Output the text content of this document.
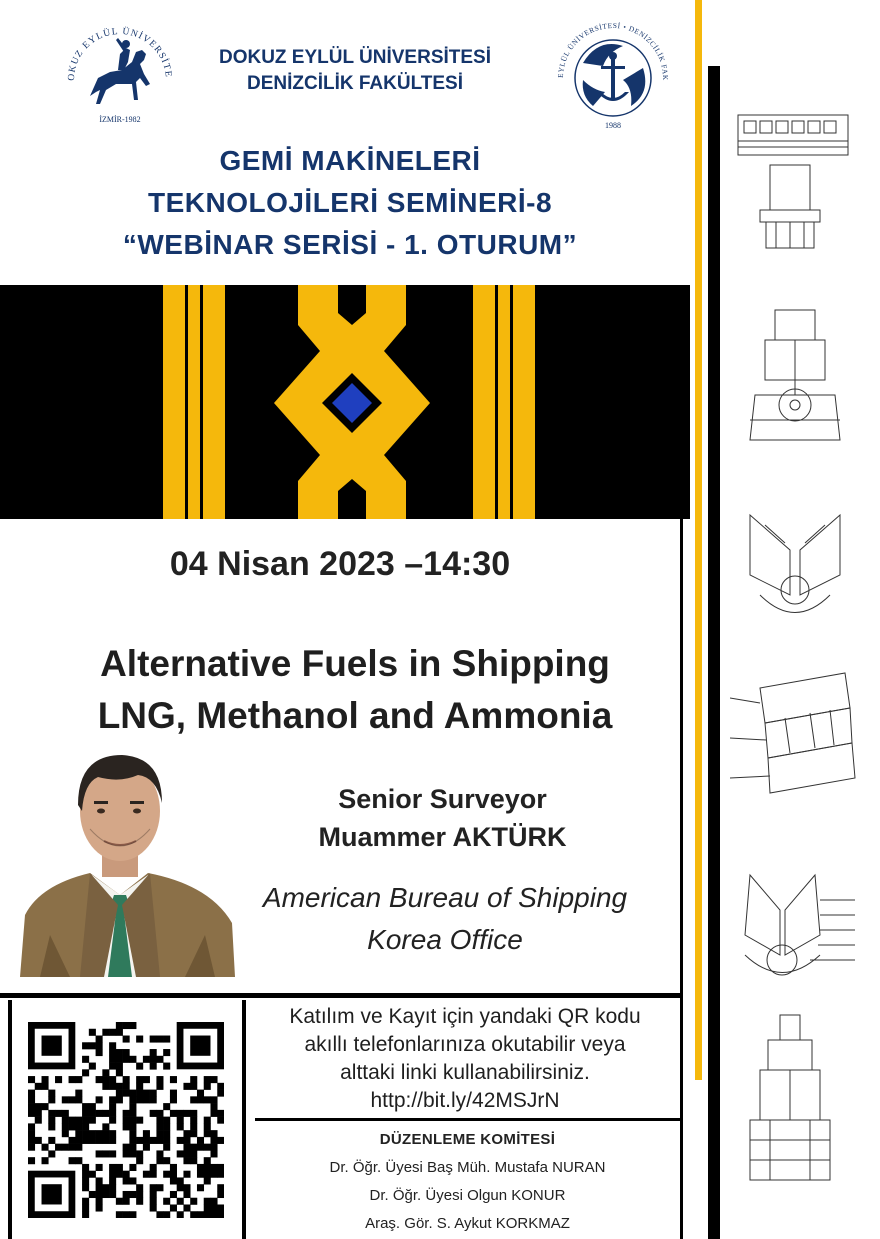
OKUZ EYLÜL ÜNİVERSİTE
İZMİR-1982
DOKUZ EYLÜL ÜNİVERSİTESİ
DENİZCİLİK FAKÜLTESİ	EYLÜL ÜNİVERSİTESİ • DENİZCİLİK FAK
1988
GEMİ MAKİNELERİ
TEKNOLOJİLERİ SEMİNERİ-8
“WEBİNAR SERİSİ - 1. OTURUM”
04 Nisan 2023 –14:30
Alternative Fuels in Shipping
LNG, Methanol and Ammonia
Senior Surveyor
Muammer AKTÜRK
American Bureau of Shipping
Korea Office
Katılım ve Kayıt için yandaki QR kodu
akıllı telefonlarınıza okutabilir veya
alttaki linki kullanabilirsiniz.
http://bit.ly/42MSJrN
DÜZENLEME KOMİTESİ
Dr. Öğr. Üyesi Baş Müh. Mustafa NURAN
Dr. Öğr. Üyesi Olgun KONUR
Araş. Gör. S. Aykut KORKMAZ
